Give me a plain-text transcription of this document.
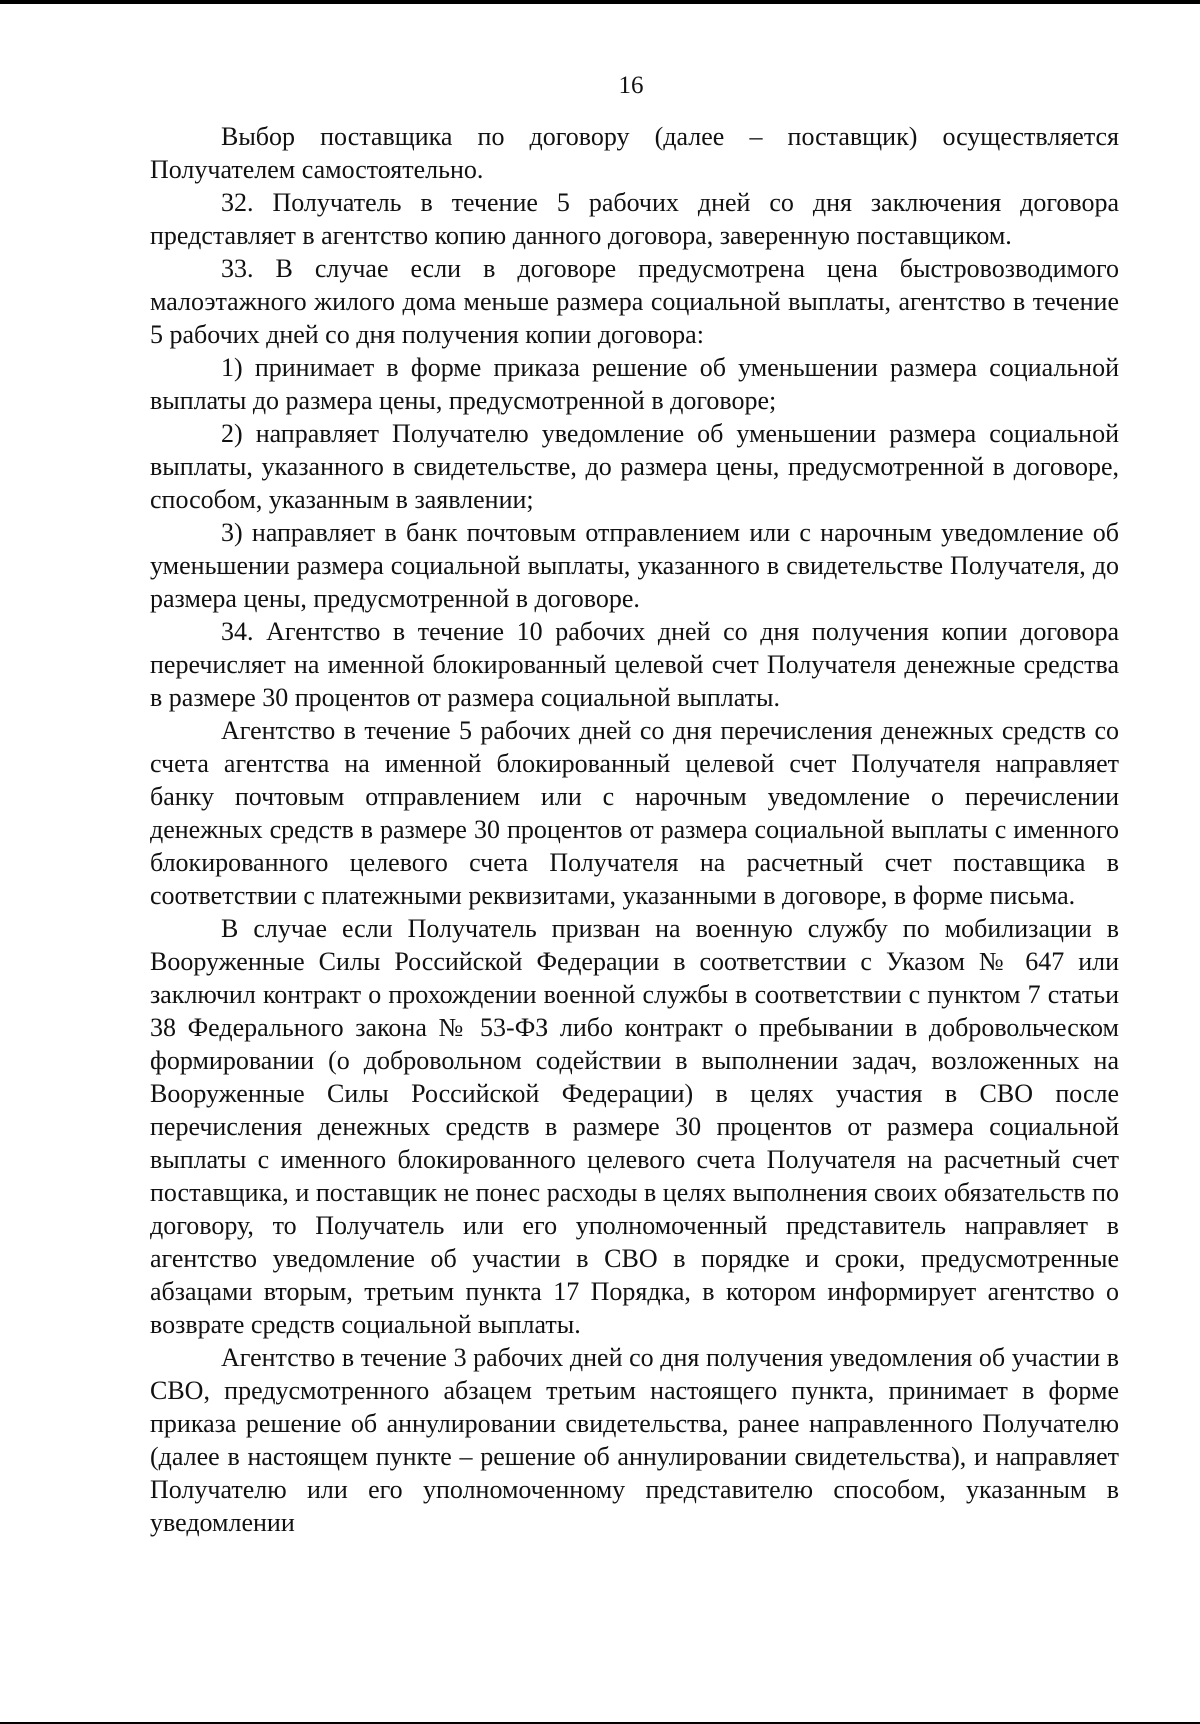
16

Выбор поставщика по договору (далее – поставщик) осуществляется Получателем самостоятельно.

32. Получатель в течение 5 рабочих дней со дня заключения договора представляет в агентство копию данного договора, заверенную поставщиком.

33. В случае если в договоре предусмотрена цена быстровозводимого малоэтажного жилого дома меньше размера социальной выплаты, агентство в течение 5 рабочих дней со дня получения копии договора:

1) принимает в форме приказа решение об уменьшении размера социальной выплаты до размера цены, предусмотренной в договоре;

2) направляет Получателю уведомление об уменьшении размера социальной выплаты, указанного в свидетельстве, до размера цены, предусмотренной в договоре, способом, указанным в заявлении;

3) направляет в банк почтовым отправлением или с нарочным уведомление об уменьшении размера социальной выплаты, указанного в свидетельстве Получателя, до размера цены, предусмотренной в договоре.

34. Агентство в течение 10 рабочих дней со дня получения копии договора перечисляет на именной блокированный целевой счет Получателя денежные средства в размере 30 процентов от размера социальной выплаты.

Агентство в течение 5 рабочих дней со дня перечисления денежных средств со счета агентства на именной блокированный целевой счет Получателя направляет банку почтовым отправлением или с нарочным уведомление о перечислении денежных средств в размере 30 процентов от размера социальной выплаты с именного блокированного целевого счета Получателя на расчетный счет поставщика в соответствии с платежными реквизитами, указанными в договоре, в форме письма.

В случае если Получатель призван на военную службу по мобилизации в Вооруженные Силы Российской Федерации в соответствии с Указом № 647 или заключил контракт о прохождении военной службы в соответствии с пунктом 7 статьи 38 Федерального закона № 53-ФЗ либо контракт о пребывании в добровольческом формировании (о добровольном содействии в выполнении задач, возложенных на Вооруженные Силы Российской Федерации) в целях участия в СВО после перечисления денежных средств в размере 30 процентов от размера социальной выплаты с именного блокированного целевого счета Получателя на расчетный счет поставщика, и поставщик не понес расходы в целях выполнения своих обязательств по договору, то Получатель или его уполномоченный представитель направляет в агентство уведомление об участии в СВО в порядке и сроки, предусмотренные абзацами вторым, третьим пункта 17 Порядка, в котором информирует агентство о возврате средств социальной выплаты.

Агентство в течение 3 рабочих дней со дня получения уведомления об участии в СВО, предусмотренного абзацем третьим настоящего пункта, принимает в форме приказа решение об аннулировании свидетельства, ранее направленного Получателю (далее в настоящем пункте – решение об аннулировании свидетельства), и направляет Получателю или его уполномоченному представителю способом, указанным в уведомлении
